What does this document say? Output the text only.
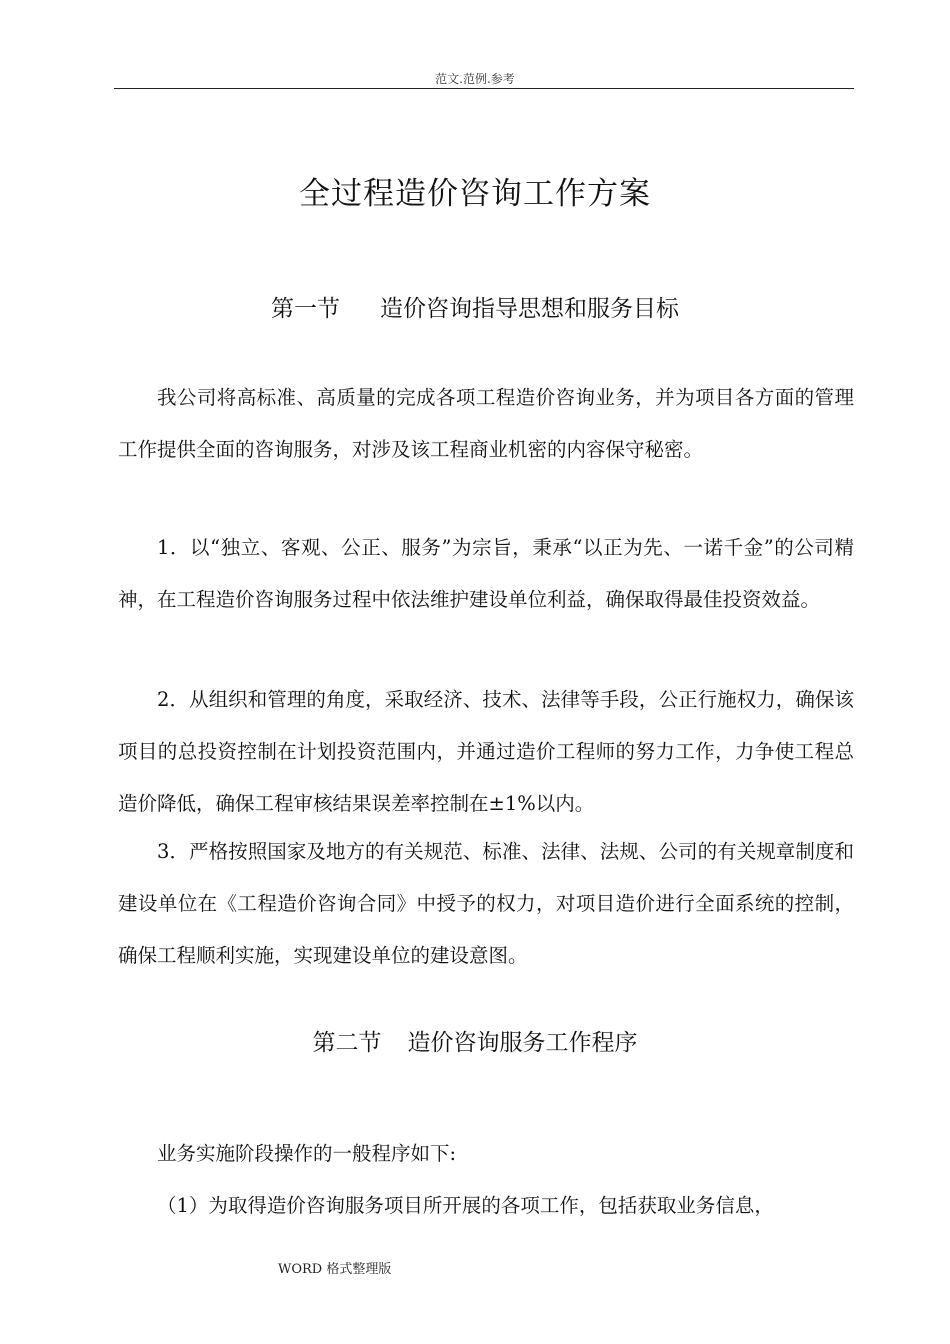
范文.范例.参考
全过程造价咨询工作方案
第一节 造价咨询指导思想和服务目标
我公司将高标准、高质量的完成各项工程造价咨询业务，并为项目各方面的管理工作提供全面的咨询服务，对涉及该工程商业机密的内容保守秘密。
1．以“独立、客观、公正、服务”为宗旨，秉承“以正为先、一诺千金”的公司精神，在工程造价咨询服务过程中依法维护建设单位利益，确保取得最佳投资效益。
2．从组织和管理的角度，采取经济、技术、法律等手段，公正行施权力，确保该项目的总投资控制在计划投资范围内，并通过造价工程师的努力工作，力争使工程总造价降低，确保工程审核结果误差率控制在±1%以内。
3．严格按照国家及地方的有关规范、标准、法律、法规、公司的有关规章制度和建设单位在《工程造价咨询合同》中授予的权力，对项目造价进行全面系统的控制，确保工程顺利实施，实现建设单位的建设意图。
第二节 造价咨询服务工作程序
业务实施阶段操作的一般程序如下:
（1）为取得造价咨询服务项目所开展的各项工作，包括获取业务信息，
WORD 格式整理版
